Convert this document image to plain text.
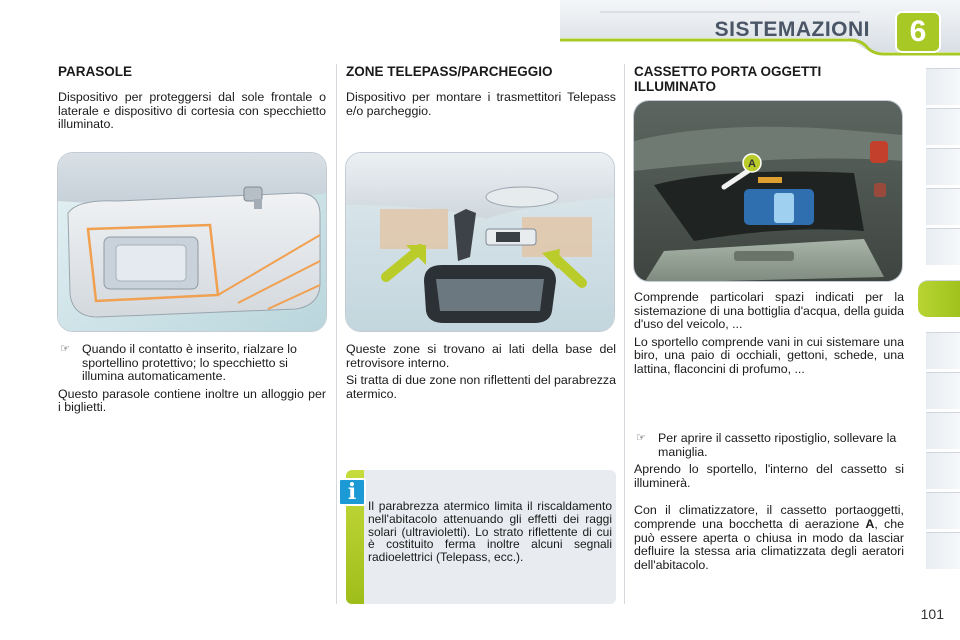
SISTEMAZIONI	6
PARASOLE

Dispositivo per proteggersi dal sole frontale o laterale e dispositivo di cortesia con specchietto illuminato.

☞ Quando il contatto è inserito, rialzare lo sportellino protettivo; lo specchietto si illumina automaticamente.

Questo parasole contiene inoltre un alloggio per i biglietti.

ZONE TELEPASS/PARCHEGGIO

Dispositivo per montare i trasmettitori Telepass e/o parcheggio.

Queste zone si trovano ai lati della base del retrovisore interno.

Si tratta di due zone non riflettenti del parabrezza atermico.

i
Il parabrezza atermico limita il riscaldamento nell'abitacolo attenuando gli effetti dei raggi solari (ultravioletti). Lo strato riflettente di cui è costituito ferma inoltre alcuni segnali radioelettrici (Telepass, ecc.).
CASSETTO PORTA OGGETTI ILLUMINATO
A

Comprende particolari spazi indicati per la sistemazione di una bottiglia d'acqua, della guida d'uso del veicolo, ...

Lo sportello comprende vani in cui sistemare una biro, una paio di occhiali, gettoni, schede, una lattina, flaconcini di profumo, ...

☞ Per aprire il cassetto ripostiglio, sollevare la maniglia.

Aprendo lo sportello, l'interno del cassetto si illuminerà.

Con il climatizzatore, il cassetto portaoggetti, comprende una bocchetta di aerazione A, che può essere aperta o chiusa in modo da lasciar defluire la stessa aria climatizzata degli aeratori dell'abitacolo.

101
